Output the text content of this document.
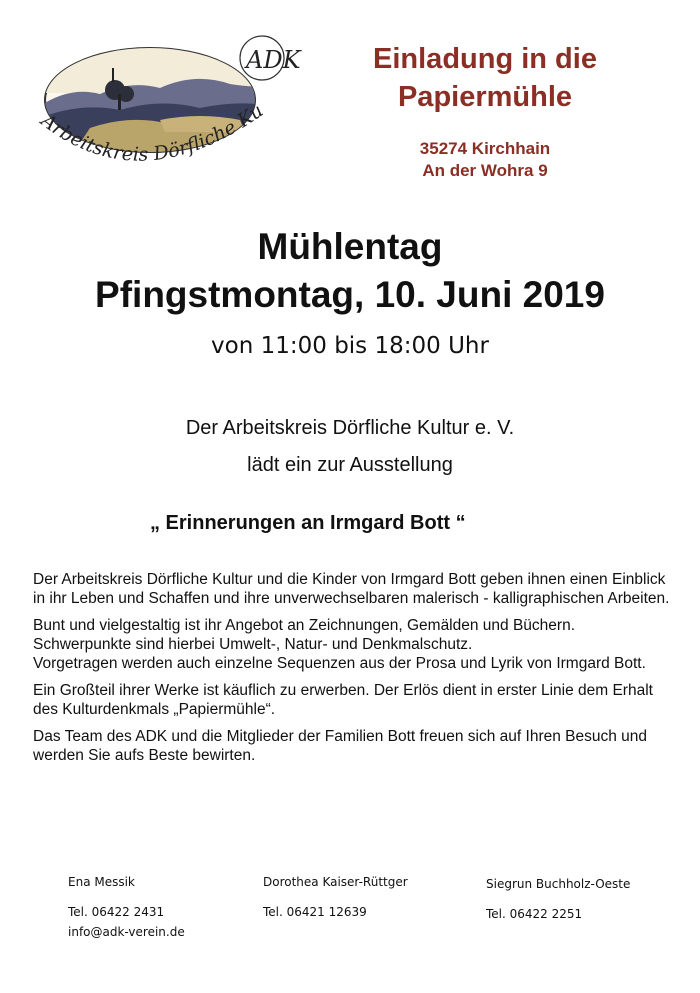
ADK
Arbeitskreis Dörfliche Ku
Einladung in die
Papiermühle
35274 Kirchhain
An der Wohra 9
Mühlentag
Pfingstmontag, 10. Juni 2019
von 11:00 bis 18:00 Uhr
Der Arbeitskreis Dörfliche Kultur e. V.
lädt ein zur Ausstellung
„ Erinnerungen an Irmgard Bott “

Der Arbeitskreis Dörfliche Kultur und die Kinder von Irmgard Bott geben ihnen einen Einblick in ihr Leben und Schaffen und ihre unverwechselbaren malerisch - kalligraphischen Arbeiten.

Bunt und vielgestaltig ist ihr Angebot an Zeichnungen, Gemälden und Büchern.
Schwerpunkte sind hierbei Umwelt-, Natur- und Denkmalschutz.
Vorgetragen werden auch einzelne Sequenzen aus der Prosa und Lyrik von Irmgard Bott.

Ein Großteil ihrer Werke ist käuflich zu erwerben. Der Erlös dient in erster Linie dem Erhalt des Kulturdenkmals „Papiermühle“.

Das Team des ADK und die Mitglieder der Familien Bott freuen sich auf Ihren Besuch und werden Sie aufs Beste bewirten.

Ena Messik
Tel. 06422 2431
info@adk-verein.de
Dorothea Kaiser-Rüttger
Tel. 06421 12639
Siegrun Buchholz-Oeste
Tel. 06422 2251
